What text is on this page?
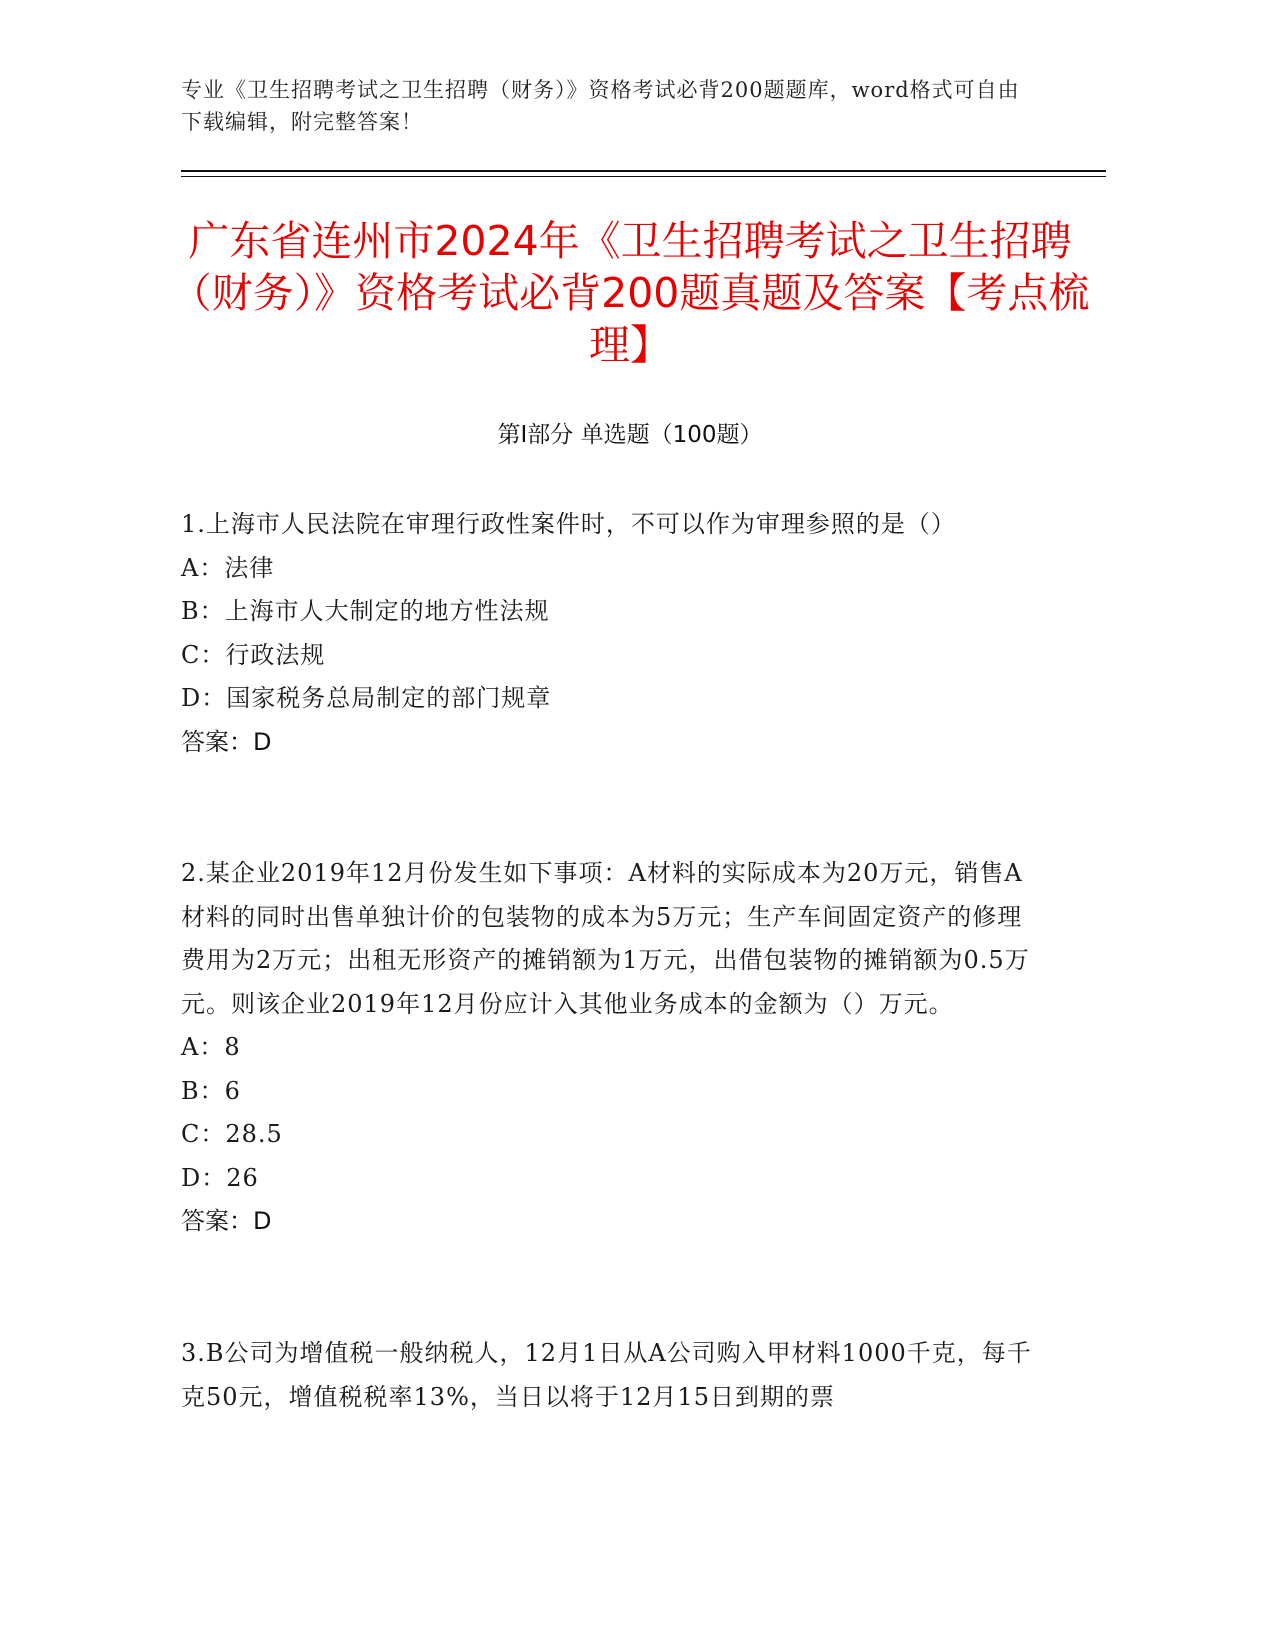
专业《卫生招聘考试之卫生招聘（财务）》资格考试必背200题题库，word格式可自由下载编辑，附完整答案！
广东省连州市2024年《卫生招聘考试之卫生招聘（财务）》资格考试必背200题真题及答案【考点梳理】
第Ⅰ部分 单选题（100题）
1.上海市人民法院在审理行政性案件时，不可以作为审理参照的是（）
A：法律
B：上海市人大制定的地方性法规
C：行政法规
D：国家税务总局制定的部门规章
答案：D
2.某企业2019年12月份发生如下事项：A材料的实际成本为20万元，销售A材料的同时出售单独计价的包装物的成本为5万元；生产车间固定资产的修理费用为2万元；出租无形资产的摊销额为1万元，出借包装物的摊销额为0.5万元。则该企业2019年12月份应计入其他业务成本的金额为（）万元。
A：8
B：6
C：28.5
D：26
答案：D
3.B公司为增值税一般纳税人，12月1日从A公司购入甲材料1000千克，每千克50元，增值税税率13%，当日以将于12月15日到期的票
